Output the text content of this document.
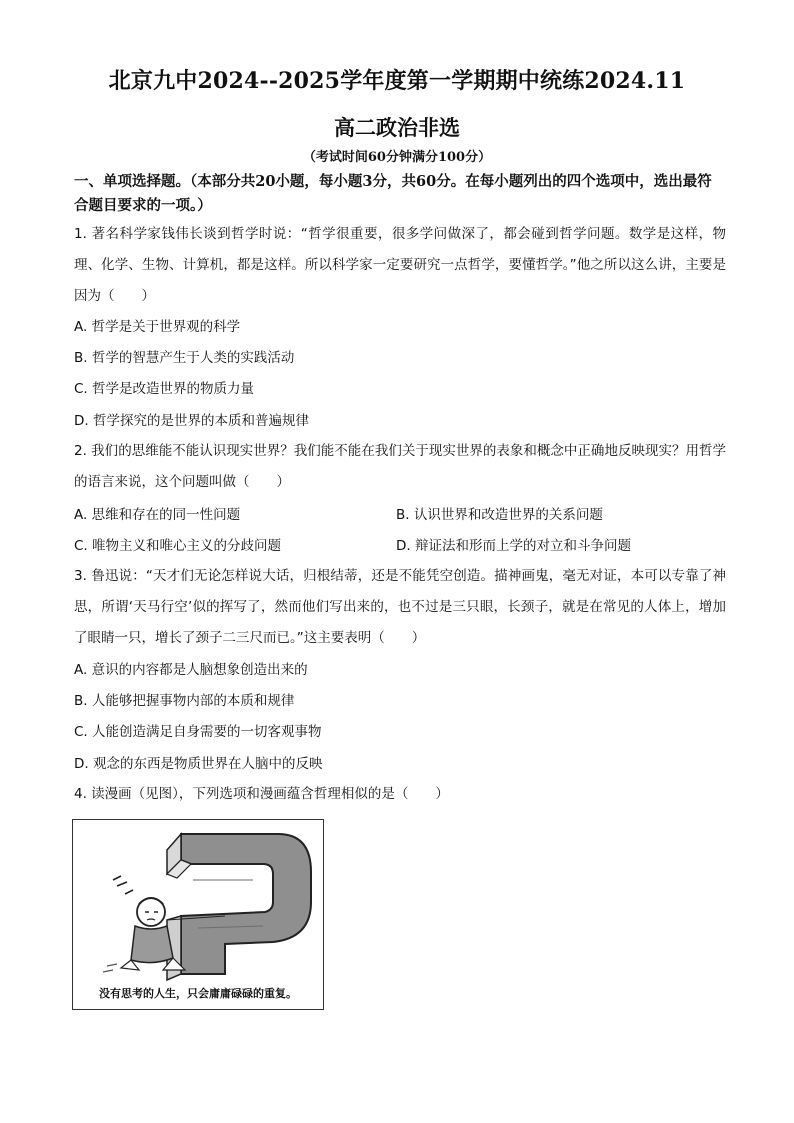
北京九中2024--2025学年度第一学期期中统练2024.11
高二政治非选
（考试时间60分钟满分100分）
一、单项选择题。（本部分共20小题，每小题3分，共60分。在每小题列出的四个选项中，选出最符合题目要求的一项。）
1. 著名科学家钱伟长谈到哲学时说：“哲学很重要，很多学问做深了，都会碰到哲学问题。数学是这样，物理、化学、生物、计算机，都是这样。所以科学家一定要研究一点哲学，要懂哲学。”他之所以这么讲，主要是因为（　　）
A. 哲学是关于世界观的科学
B. 哲学的智慧产生于人类的实践活动
C. 哲学是改造世界的物质力量
D. 哲学探究的是世界的本质和普遍规律
2. 我们的思维能不能认识现实世界？我们能不能在我们关于现实世界的表象和概念中正确地反映现实？用哲学的语言来说，这个问题叫做（　　）
A. 思维和存在的同一性问题	B. 认识世界和改造世界的关系问题
C. 唯物主义和唯心主义的分歧问题	D. 辩证法和形而上学的对立和斗争问题
3. 鲁迅说：“天才们无论怎样说大话，归根结蒂，还是不能凭空创造。描神画鬼，毫无对证，本可以专靠了神思，所谓‘天马行空’似的挥写了，然而他们写出来的，也不过是三只眼，长颈子，就是在常见的人体上，增加了眼睛一只，增长了颈子二三尺而已。”这主要表明（　　）
A. 意识的内容都是人脑想象创造出来的
B. 人能够把握事物内部的本质和规律
C. 人能创造满足自身需要的一切客观事物
D. 观念的东西是物质世界在人脑中的反映
4. 读漫画（见图），下列选项和漫画蕴含哲理相似的是（　　）
没有思考的人生，只会庸庸碌碌的重复。
